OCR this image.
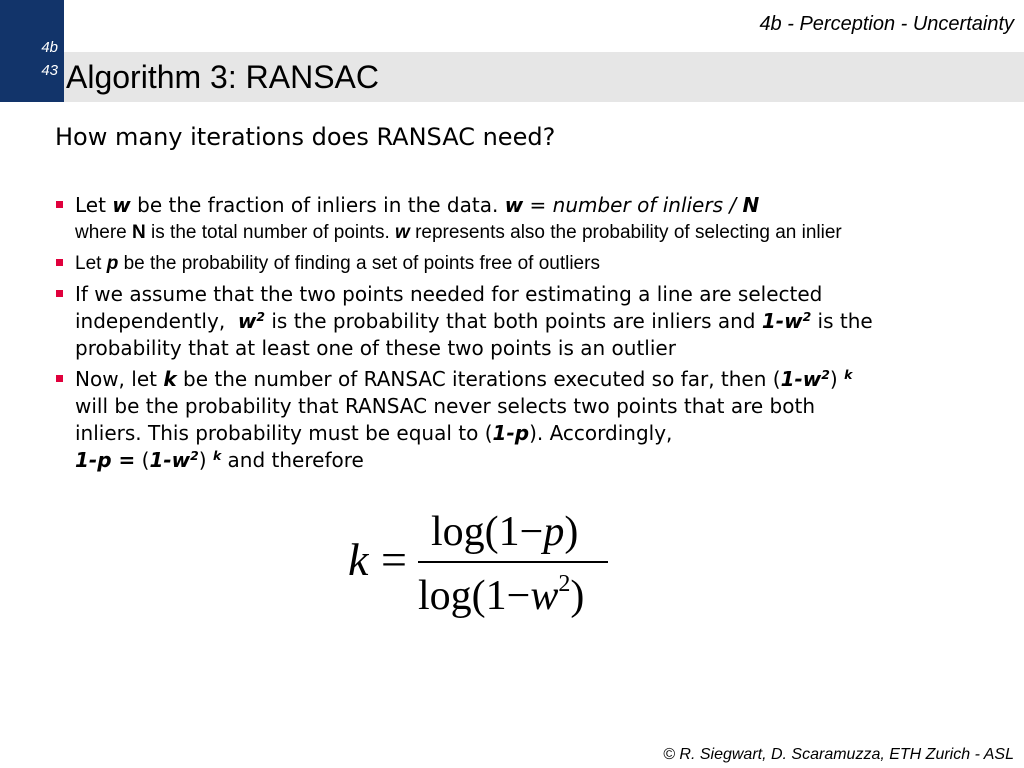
4b
43
4b - Perception - Uncertainty
Algorithm 3: RANSAC
How many iterations does RANSAC need?
Let w be the fraction of inliers in the data. w = number of inliers / N
where N is the total number of points. w represents also the probability of selecting an inlier
Let p be the probability of finding a set of points free of outliers
If we assume that the two points needed for estimating a line are selected
independently, $w^2$ is the probability that both points are inliers and $1-w^2$ is the
probability that at least one of these two points is an outlier
Now, let k be the number of RANSAC iterations executed so far, then $(1-w^2)$ $^k$
will be the probability that RANSAC never selects two points that are both
inliers. This probability must be equal to (1-p). Accordingly,
$1-p = (1-w^2)$ $^k$ and therefore
k =
log(1−p)
$\log(1-w^2)$
© R. Siegwart, D. Scaramuzza, ETH Zurich - ASL
